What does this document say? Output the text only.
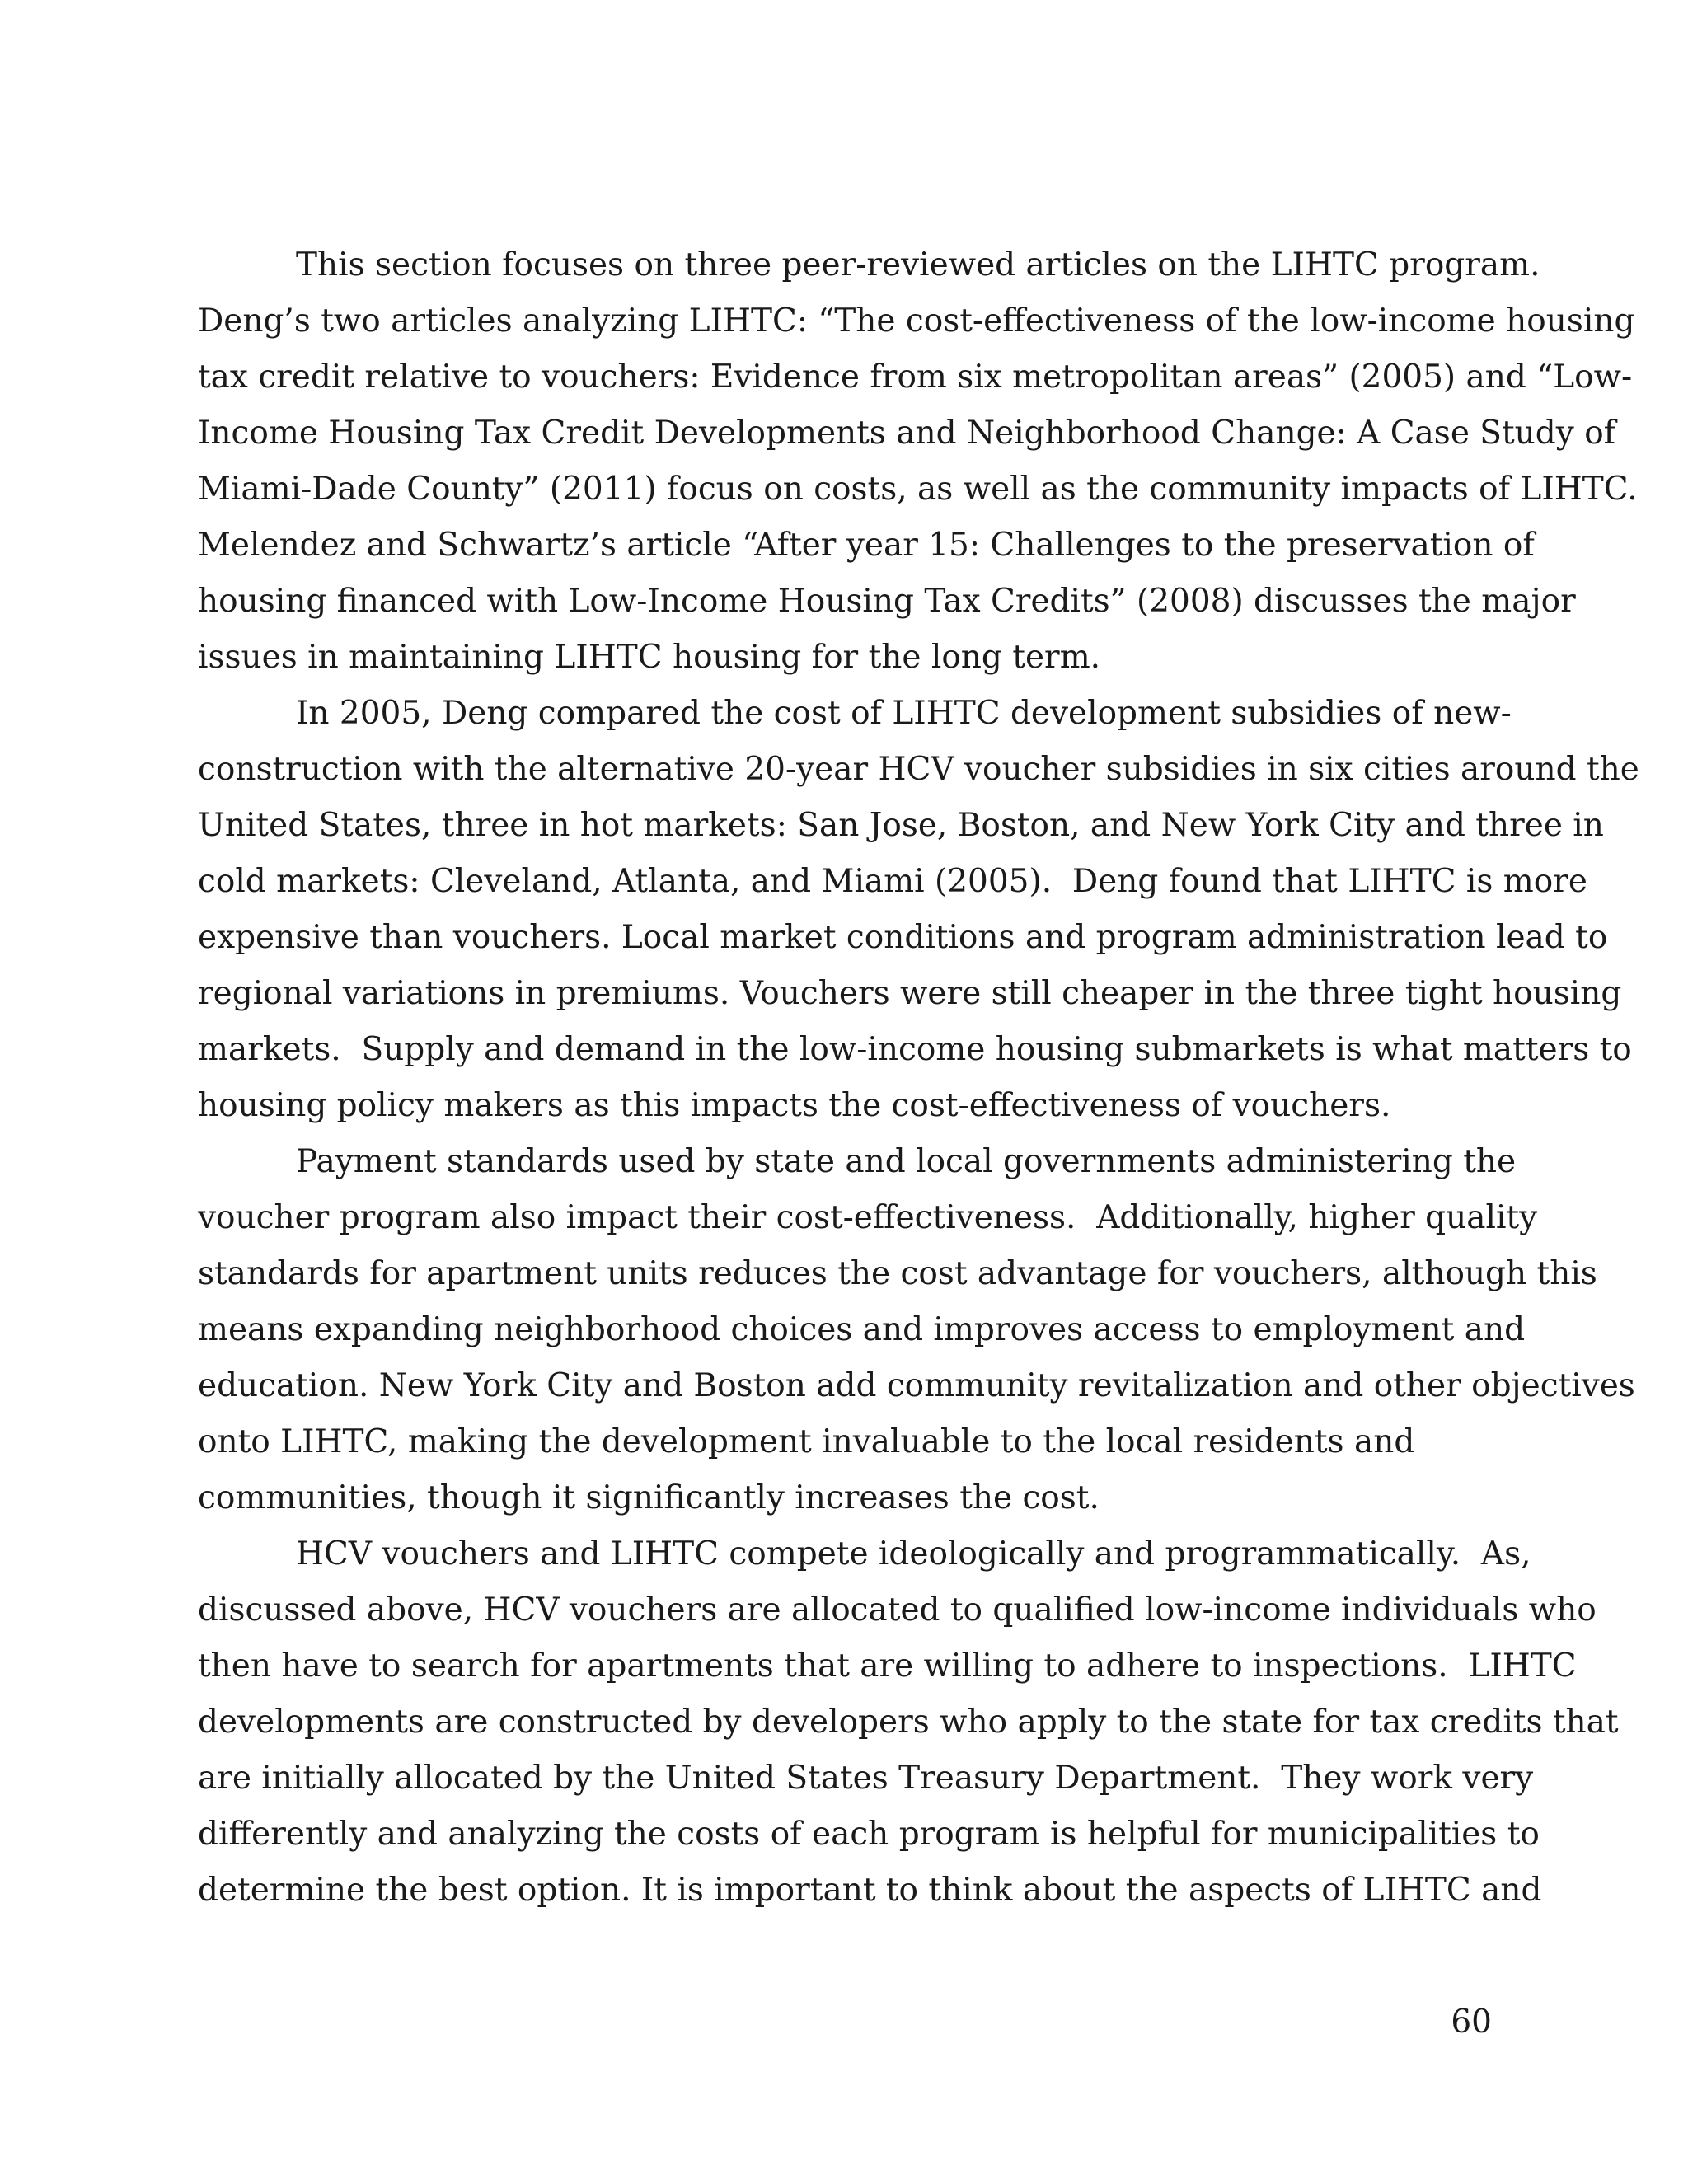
This section focuses on three peer-reviewed articles on the LIHTC program.

Deng’s two articles analyzing LIHTC: “The cost-effectiveness of the low-income housing

tax credit relative to vouchers: Evidence from six metropolitan areas” (2005) and “Low-

Income Housing Tax Credit Developments and Neighborhood Change: A Case Study of

Miami-Dade County” (2011) focus on costs, as well as the community impacts of LIHTC.

Melendez and Schwartz’s article “After year 15: Challenges to the preservation of

housing financed with Low-Income Housing Tax Credits” (2008) discusses the major

issues in maintaining LIHTC housing for the long term.

In 2005, Deng compared the cost of LIHTC development subsidies of new-

construction with the alternative 20-year HCV voucher subsidies in six cities around the

United States, three in hot markets: San Jose, Boston, and New York City and three in

cold markets: Cleveland, Atlanta, and Miami (2005).  Deng found that LIHTC is more

expensive than vouchers. Local market conditions and program administration lead to

regional variations in premiums. Vouchers were still cheaper in the three tight housing

markets.  Supply and demand in the low-income housing submarkets is what matters to

housing policy makers as this impacts the cost-effectiveness of vouchers.

Payment standards used by state and local governments administering the

voucher program also impact their cost-effectiveness.  Additionally, higher quality

standards for apartment units reduces the cost advantage for vouchers, although this

means expanding neighborhood choices and improves access to employment and

education. New York City and Boston add community revitalization and other objectives

onto LIHTC, making the development invaluable to the local residents and

communities, though it significantly increases the cost.

HCV vouchers and LIHTC compete ideologically and programmatically.  As,

discussed above, HCV vouchers are allocated to qualified low-income individuals who

then have to search for apartments that are willing to adhere to inspections.  LIHTC

developments are constructed by developers who apply to the state for tax credits that

are initially allocated by the United States Treasury Department.  They work very

differently and analyzing the costs of each program is helpful for municipalities to

determine the best option. It is important to think about the aspects of LIHTC and

60
